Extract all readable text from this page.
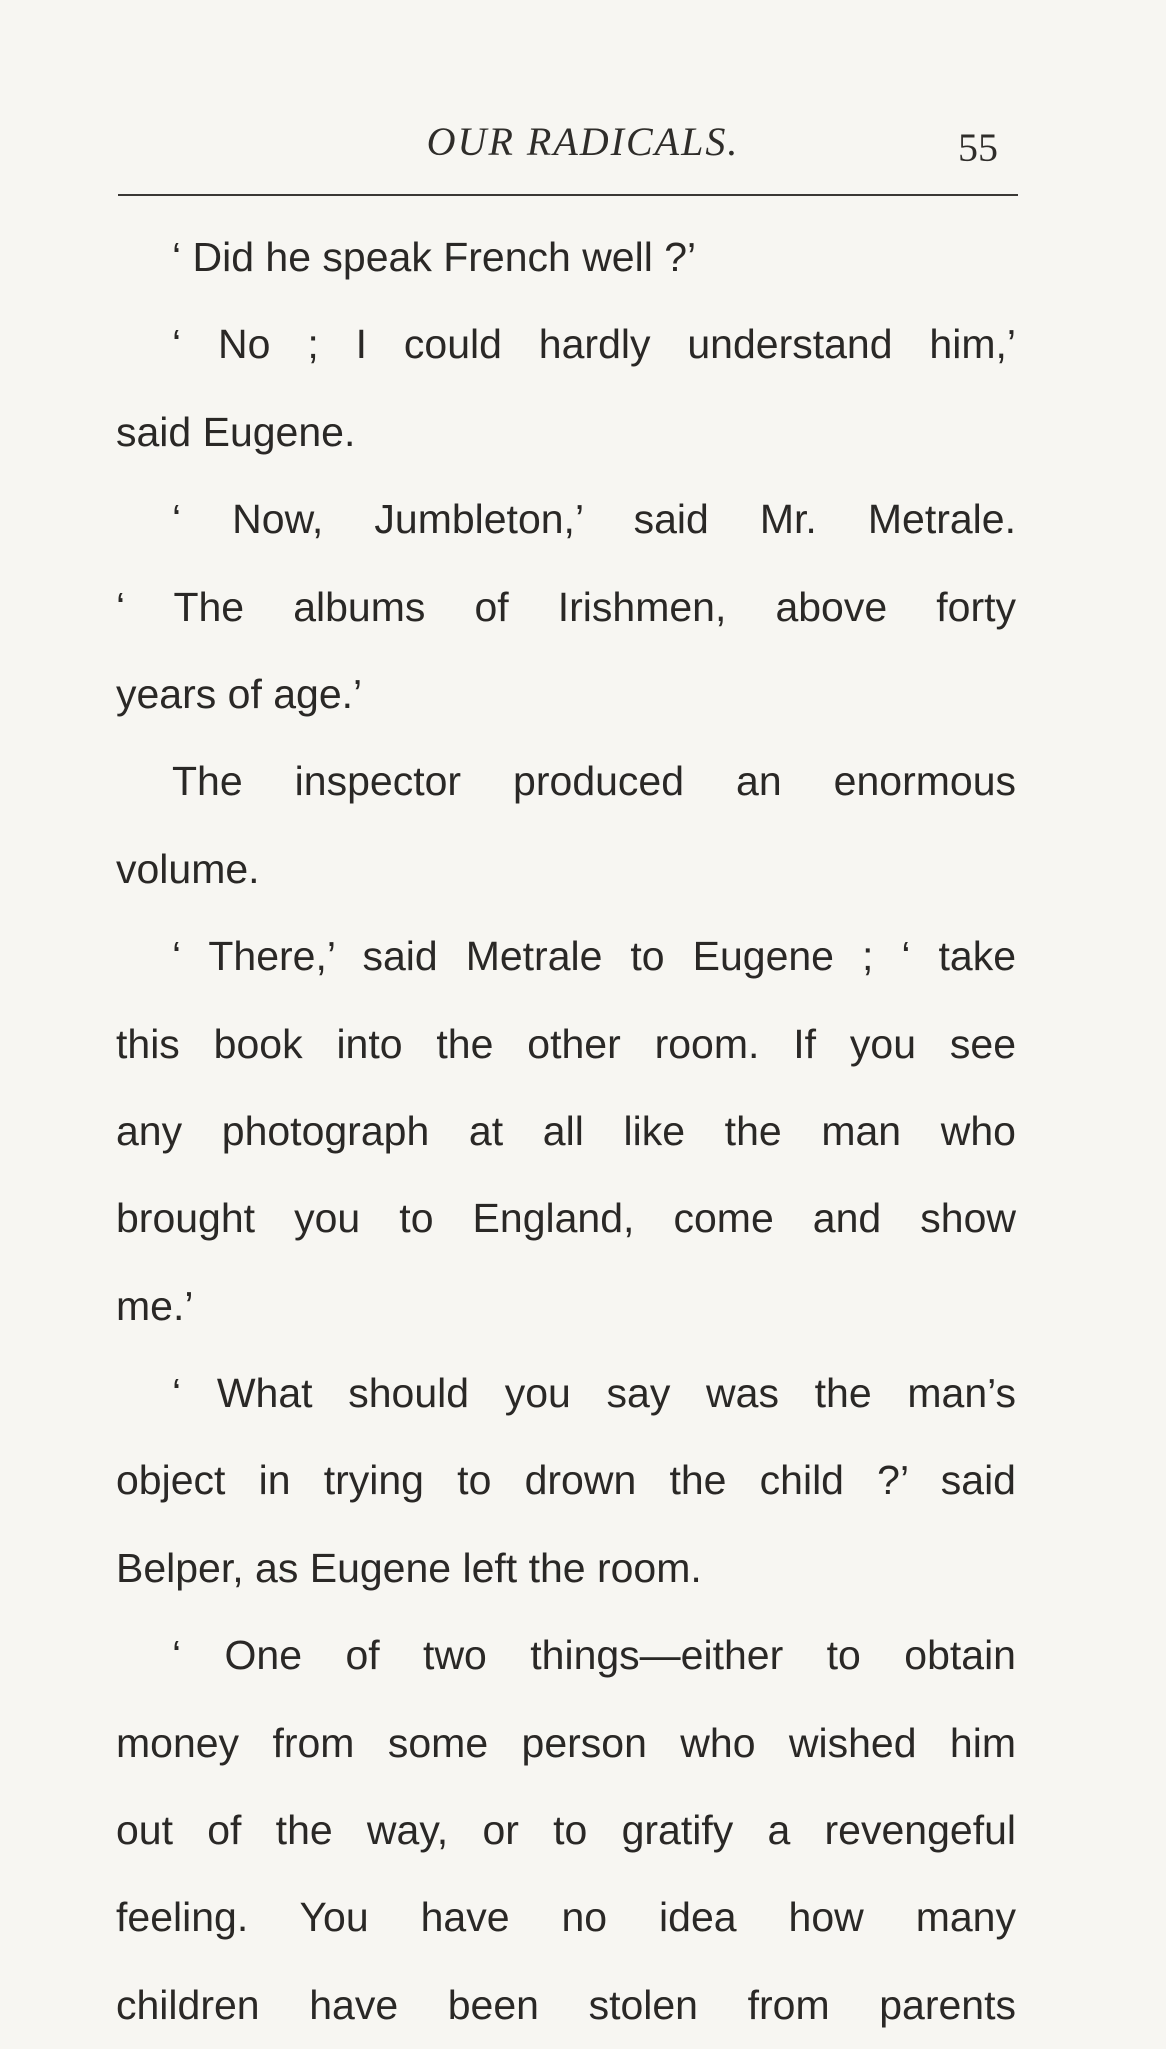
OUR RADICALS.	55
‘ Did he speak French well ?’
‘ No ; I could hardly understand him,’
said Eugene.
‘ Now, Jumbleton,’ said Mr. Metrale.
‘ The albums of Irishmen, above forty
years of age.’
The inspector produced an enormous
volume.
‘ There,’ said Metrale to Eugene ; ‘ take
this book into the other room. If you see
any photograph at all like the man who
brought you to England, come and show
me.’
‘ What should you say was the man’s
object in trying to drown the child ?’ said
Belper, as Eugene left the room.
‘ One of two things—either to obtain
money from some person who wished him
out of the way, or to gratify a revengeful
feeling. You have no idea how many
children have been stolen from parents
